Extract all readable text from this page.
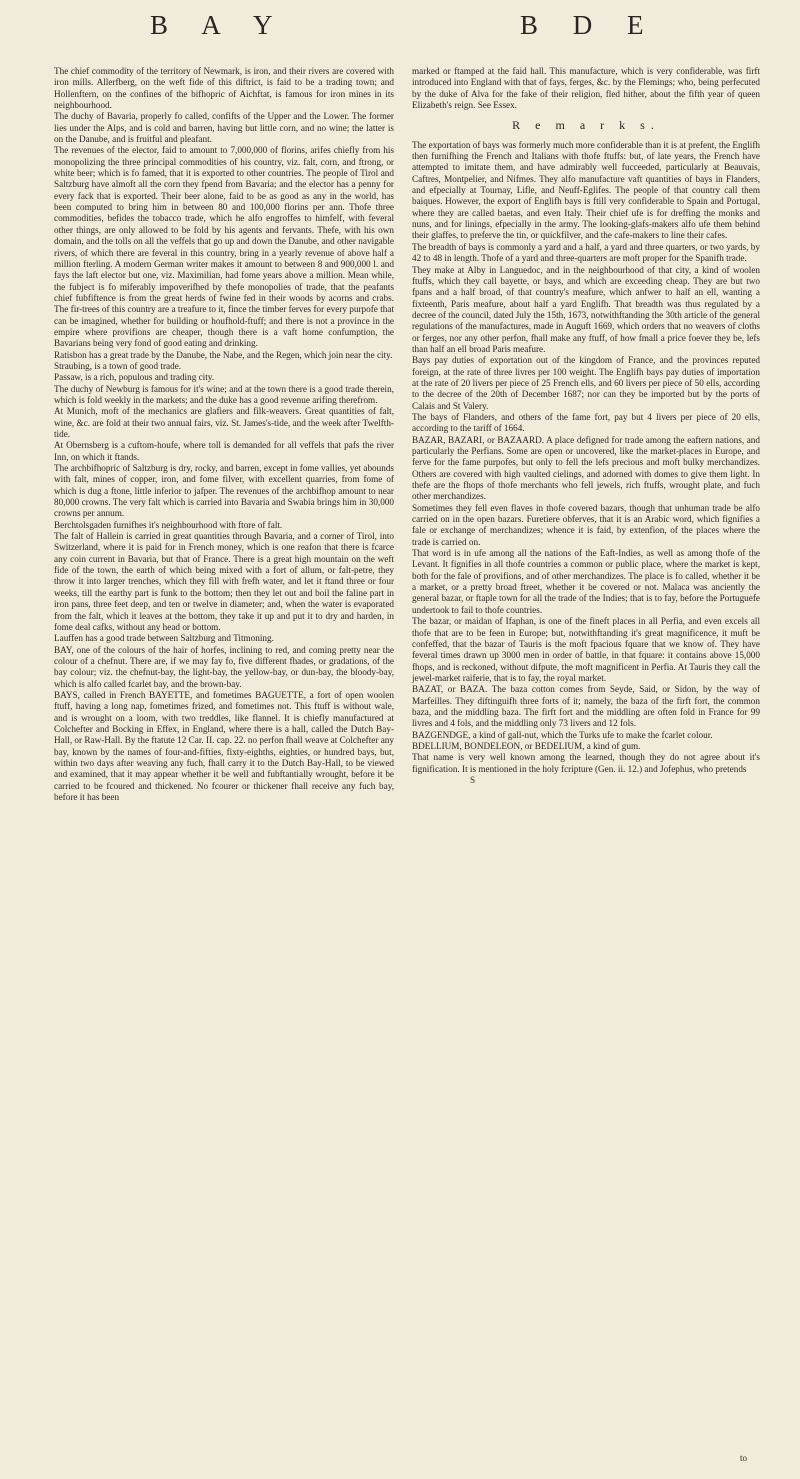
B A Y	B D E

The chief commodity of the territory of Newmark, is iron, and their rivers are covered with iron mills. Allerfberg, on the weft fide of this diftrict, is faid to be a trading town; and Hollenftern, on the confines of the bifhopric of Aichftat, is famous for iron mines in its neighbourhood.

The duchy of Bavaria, properly fo called, confifts of the Upper and the Lower. The former lies under the Alps, and is cold and barren, having but little corn, and no wine; the latter is on the Danube, and is fruitful and pleafant.

The revenues of the elector, faid to amount to 7,000,000 of florins, arifes chiefly from his monopolizing the three principal commodities of his country, viz. falt, corn, and ftrong, or white beer; which is fo famed, that it is exported to other countries. The people of Tirol and Saltzburg have almoft all the corn they fpend from Bavaria; and the elector has a penny for every fack that is exported. Their beer alone, faid to be as good as any in the world, has been computed to bring him in between 80 and 100,000 florins per ann. Thofe three commodities, befides the tobacco trade, which he alfo engroffes to himfelf, with feveral other things, are only allowed to be fold by his agents and fervants. Thefe, with his own domain, and the tolls on all the veffels that go up and down the Danube, and other navigable rivers, of which there are feveral in this country, bring in a yearly revenue of above half a million fterling. A modern German writer makes it amount to between 8 and 900,000 l. and fays the laft elector but one, viz. Maximilian, had fome years above a million. Mean while, the fubject is fo miferably impoverifhed by thefe monopolies of trade, that the peafants chief fubfiftence is from the great herds of fwine fed in their woods by acorns and crabs. The fir-trees of this country are a treafure to it, fince the timber ferves for every purpofe that can be imagined, whether for building or houfhold-ftuff; and there is not a province in the empire where provifions are cheaper, though there is a vaft home confumption, the Bavarians being very fond of good eating and drinking.

Ratisbon has a great trade by the Danube, the Nabe, and the Regen, which join near the city.

Straubing, is a town of good trade.

Passaw, is a rich, populous and trading city.

The duchy of Newburg is famous for it's wine; and at the town there is a good trade therein, which is fold weekly in the markets; and the duke has a good revenue arifing therefrom.

At Munich, moft of the mechanics are glafiers and filk-weavers. Great quantities of falt, wine, &c. are fold at their two annual fairs, viz. St. James's-tide, and the week after Twelfth-tide.

At Obernsberg is a cuftom-houfe, where toll is demanded for all veffels that pafs the river Inn, on which it ftands.

The archbifhopric of Saltzburg is dry, rocky, and barren, except in fome vallies, yet abounds with falt, mines of copper, iron, and fome filver, with excellent quarries, from fome of which is dug a ftone, little inferior to jafper. The revenues of the archbifhop amount to near 80,000 crowns. The very falt which is carried into Bavaria and Swabia brings him in 30,000 crowns per annum.

Berchtolsgaden furnifhes it's neighbourhood with ftore of falt.

The falt of Hallein is carried in great quantities through Bavaria, and a corner of Tirol, into Switzerland, where it is paid for in French money, which is one reafon that there is fcarce any coin current in Bavaria, but that of France. There is a great high mountain on the weft fide of the town, the earth of which being mixed with a fort of allum, or falt-petre, they throw it into larger trenches, which they fill with frefh water, and let it ftand three or four weeks, till the earthy part is funk to the bottom; then they let out and boil the faline part in iron pans, three feet deep, and ten or twelve in diameter; and, when the water is evaporated from the falt, which it leaves at the bottom, they take it up and put it to dry and harden, in fome deal cafks, without any head or bottom.

Lauffen has a good trade between Saltzburg and Titmoning.

BAY, one of the colours of the hair of horfes, inclining to red, and coming pretty near the colour of a chefnut. There are, if we may fay fo, five different fhades, or gradations, of the bay colour; viz. the chefnut-bay, the light-bay, the yellow-bay, or dun-bay, the bloody-bay, which is alfo called fcarlet bay, and the brown-bay.

BAYS, called in French BAYETTE, and fometimes BAGUETTE, a fort of open woolen ftuff, having a long nap, fometimes frized, and fometimes not. This ftuff is without wale, and is wrought on a loom, with two treddles, like flannel. It is chiefly manufactured at Colchefter and Bocking in Effex, in England, where there is a hall, called the Dutch Bay-Hall, or Raw-Hall. By the ftatute 12 Car. II. cap. 22. no perfon fhall weave at Colchefter any bay, known by the names of four-and-fifties, fixty-eighths, eighties, or hundred bays, but, within two days after weaving any fuch, fhall carry it to the Dutch Bay-Hall, to be viewed and examined, that it may appear whether it be well and fubftantially wrought, before it be carried to be fcoured and thickened. No fcourer or thickener fhall receive any fuch bay, before it has been

marked or ftamped at the faid hall. This manufacture, which is very confiderable, was firft introduced into England with that of fays, ferges, &c. by the Flemings; who, being perfecuted by the duke of Alva for the fake of their religion, fled hither, about the fifth year of queen Elizabeth's reign. See Essex.

R e m a r k s.

The exportation of bays was formerly much more confiderable than it is at prefent, the Englifh then furnifhing the French and Italians with thofe ftuffs: but, of late years, the French have attempted to imitate them, and have admirably well fucceeded, particularly at Beauvais, Caftres, Montpelier, and Nifmes. They alfo manufacture vaft quantities of bays in Flanders, and efpecially at Tournay, Lifle, and Neuff-Eglifes. The people of that country call them baiques. However, the export of Englifh bays is ftill very confiderable to Spain and Portugal, where they are called baetas, and even Italy. Their chief ufe is for dreffing the monks and nuns, and for linings, efpecially in the army. The looking-glafs-makers alfo ufe them behind their glaffes, to preferve the tin, or quickfilver, and the cafe-makers to line their cafes.

The breadth of bays is commonly a yard and a half, a yard and three quarters, or two yards, by 42 to 48 in length. Thofe of a yard and three-quarters are moft proper for the Spanifh trade.

They make at Alby in Languedoc, and in the neighbourhood of that city, a kind of woolen ftuffs, which they call bayette, or bays, and which are exceeding cheap. They are but two fpans and a half broad, of that country's meafure, which anfwer to half an ell, wanting a fixteenth, Paris meafure, about half a yard Englifh. That breadth was thus regulated by a decree of the council, dated July the 15th, 1673, notwithftanding the 30th article of the general regulations of the manufactures, made in Auguft 1669, which orders that no weavers of cloths or ferges, nor any other perfon, fhall make any ftuff, of how fmall a price foever they be, lefs than half an ell broad Paris meafure.

Bays pay duties of exportation out of the kingdom of France, and the provinces reputed foreign, at the rate of three livres per 100 weight. The Englifh bays pay duties of importation at the rate of 20 livers per piece of 25 French ells, and 60 livers per piece of 50 ells, according to the decree of the 20th of December 1687; nor can they be imported but by the ports of Calais and St Valery.

The bays of Flanders, and others of the fame fort, pay but 4 livers per piece of 20 ells, according to the tariff of 1664.

BAZAR, BAZARI, or BAZAARD. A place defigned for trade among the eaftern nations, and particularly the Perfians. Some are open or uncovered, like the market-places in Europe, and ferve for the fame purpofes, but only to fell the lefs precious and moft bulky merchandizes. Others are covered with high vaulted cielings, and adorned with domes to give them light. In thefe are the fhops of thofe merchants who fell jewels, rich ftuffs, wrought plate, and fuch other merchandizes.

Sometimes they fell even flaves in thofe covered bazars, though that unhuman trade be alfo carried on in the open bazars. Furetiere obferves, that it is an Arabic word, which fignifies a fale or exchange of merchandizes; whence it is faid, by extenfion, of the places where the trade is carried on.

That word is in ufe among all the nations of the Eaft-Indies, as well as among thofe of the Levant. It fignifies in all thofe countries a common or public place, where the market is kept, both for the fale of provifions, and of other merchandizes. The place is fo called, whether it be a market, or a pretty broad ftreet, whether it be covered or not. Malaca was anciently the general bazar, or ftaple town for all the trade of the Indies; that is to fay, before the Portuguefe undertook to fail to thofe countries.

The bazar, or maidan of Ifaphan, is one of the fineft places in all Perfia, and even excels all thofe that are to be feen in Europe; but, notwithftanding it's great magnificence, it muft be confeffed, that the bazar of Tauris is the moft fpacious fquare that we know of. They have feveral times drawn up 3000 men in order of battle, in that fquare: it contains above 15,000 fhops, and is reckoned, without difpute, the moft magnificent in Perfia. At Tauris they call the jewel-market raiferie, that is to fay, the royal market.

BAZAT, or BAZA. The baza cotton comes from Seyde, Said, or Sidon, by the way of Marfeilles. They diftinguifh three forts of it; namely, the baza of the firft fort, the common baza, and the middling baza. The firft fort and the middling are often fold in France for 99 livres and 4 fols, and the middling only 73 livers and 12 fols.

BAZGENDGE, a kind of gall-nut, which the Turks ufe to make the fcarlet colour.

BDELLIUM, BONDELEON, or BEDELIUM, a kind of gum.

That name is very well known among the learned, though they do not agree about it's fignification. It is mentioned in the holy fcripture (Gen. ii. 12.) and Jofephus, who pretends

S

to
